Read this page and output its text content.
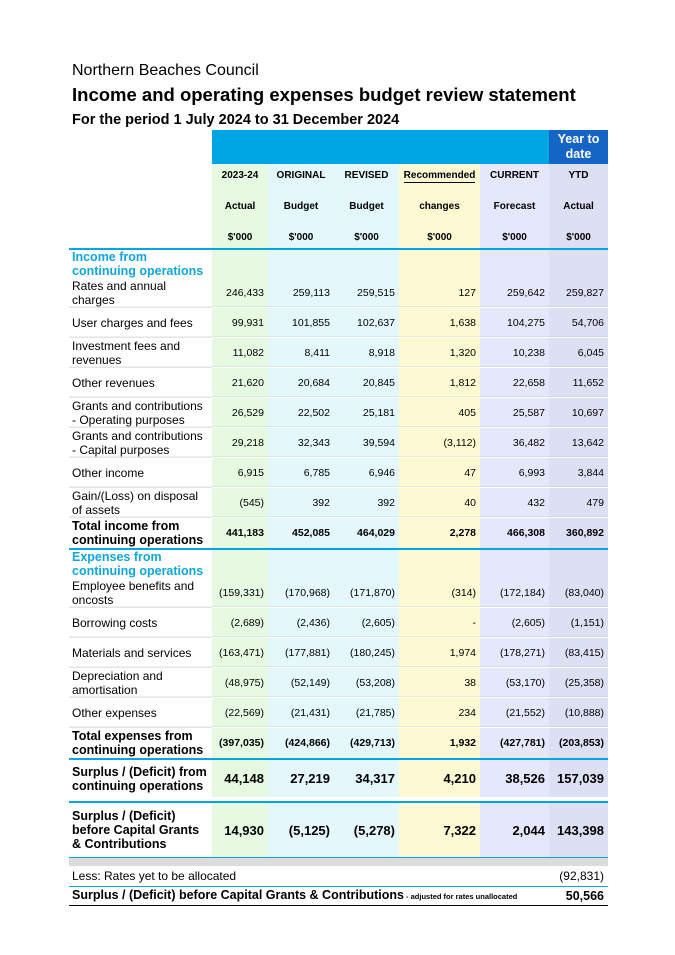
Northern Beaches Council
Income and operating expenses budget review statement
For the period 1 July 2024 to 31 December 2024
						Year to date
	2023-24	ORIGINAL	REVISED	Recommended	CURRENT	YTD
	Actual	Budget	Budget	changes	Forecast	Actual
	$'000	$'000	$'000	$'000	$'000	$'000
Income from continuing operations						
Rates and annual charges	246,433	259,113	259,515	127	259,642	259,827
User charges and fees	99,931	101,855	102,637	1,638	104,275	54,706
Investment fees and revenues	11,082	8,411	8,918	1,320	10,238	6,045
Other revenues	21,620	20,684	20,845	1,812	22,658	11,652
Grants and contributions - Operating purposes	26,529	22,502	25,181	405	25,587	10,697
Grants and contributions - Capital purposes	29,218	32,343	39,594	(3,112)	36,482	13,642
Other income	6,915	6,785	6,946	47	6,993	3,844
Gain/(Loss) on disposal of assets	(545)	392	392	40	432	479
Total income from continuing operations	441,183	452,085	464,029	2,278	466,308	360,892
Expenses from continuing operations						
Employee benefits and oncosts	(159,331)	(170,968)	(171,870)	(314)	(172,184)	(83,040)
Borrowing costs	(2,689)	(2,436)	(2,605)	-	(2,605)	(1,151)
Materials and services	(163,471)	(177,881)	(180,245)	1,974	(178,271)	(83,415)
Depreciation and amortisation	(48,975)	(52,149)	(53,208)	38	(53,170)	(25,358)
Other expenses	(22,569)	(21,431)	(21,785)	234	(21,552)	(10,888)
Total expenses from continuing operations	(397,035)	(424,866)	(429,713)	1,932	(427,781)	(203,853)
Surplus / (Deficit) from continuing operations	44,148	27,219	34,317	4,210	38,526	157,039

Surplus / (Deficit) before Capital Grants & Contributions	14,930	(5,125)	(5,278)	7,322	2,044	143,398

Less: Rates yet to be allocated						(92,831)
Surplus / (Deficit) before Capital Grants & Contributions - adjusted for rates unallocated						50,566
